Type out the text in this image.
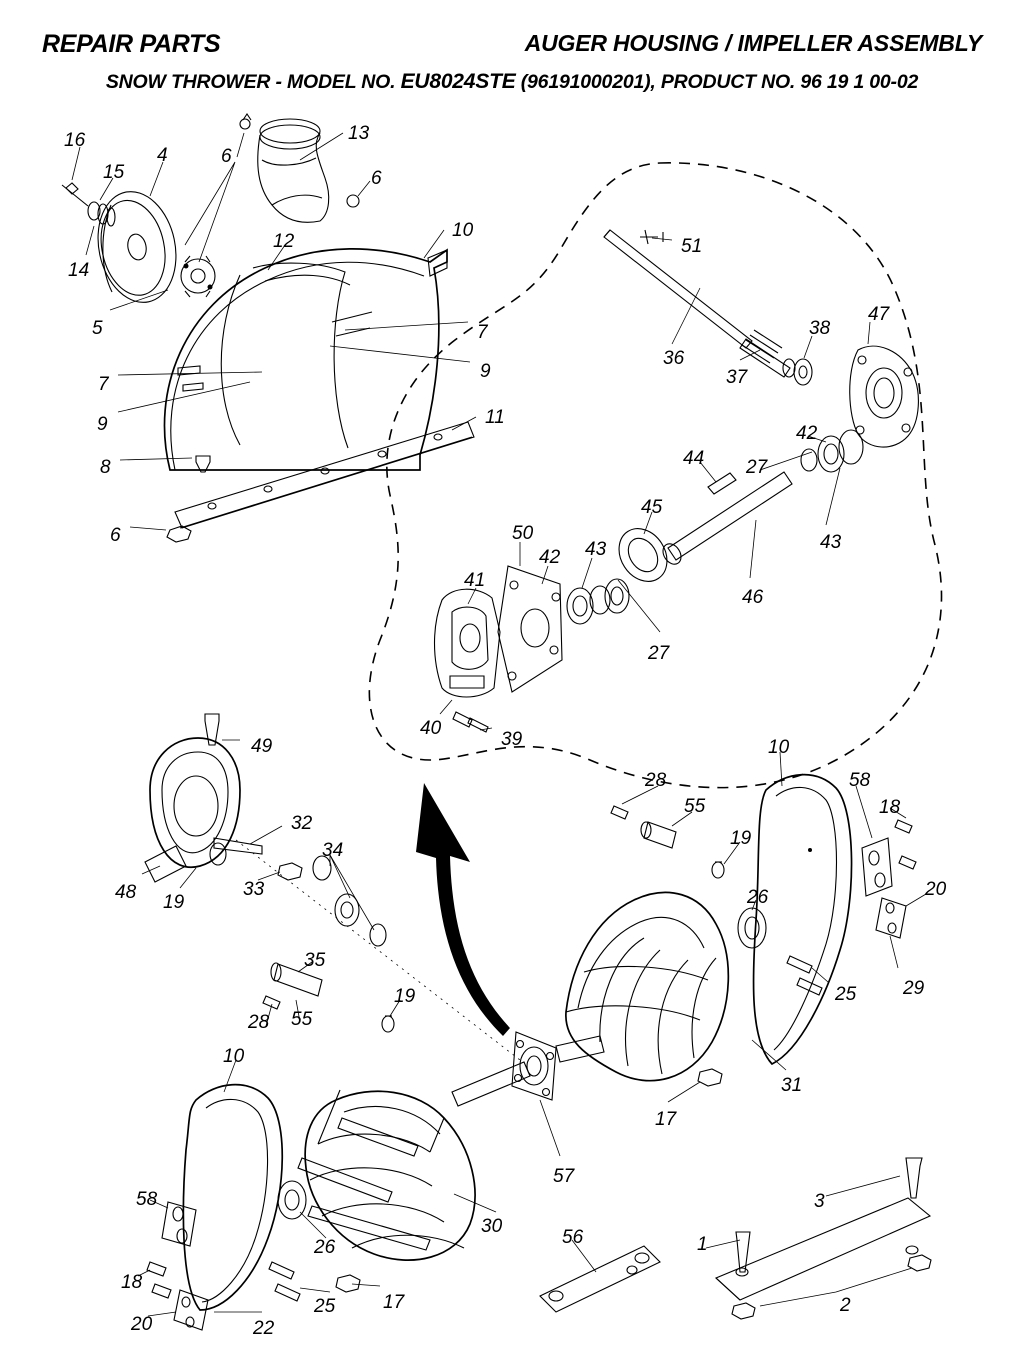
REPAIR PARTS	AUGER HOUSING / IMPELLER ASSEMBLY
SNOW THROWER - MODEL NO. EU8024STE (96191000201), PRODUCT NO. 96 19 1 00-02
16
15
4	6
13
6
14
12
10
5	7
9
7
9	11
8
6
51
36
38
47
37
42
44 27
43
45
50
42 43
46
41
27
40
39
49
28
10
58
18
55
19
32
34
20
48 19
33	26
29
35
25
19
28 55
31
17
10
57
30
3
56	1
58
26
18
17
25	2
20	22
